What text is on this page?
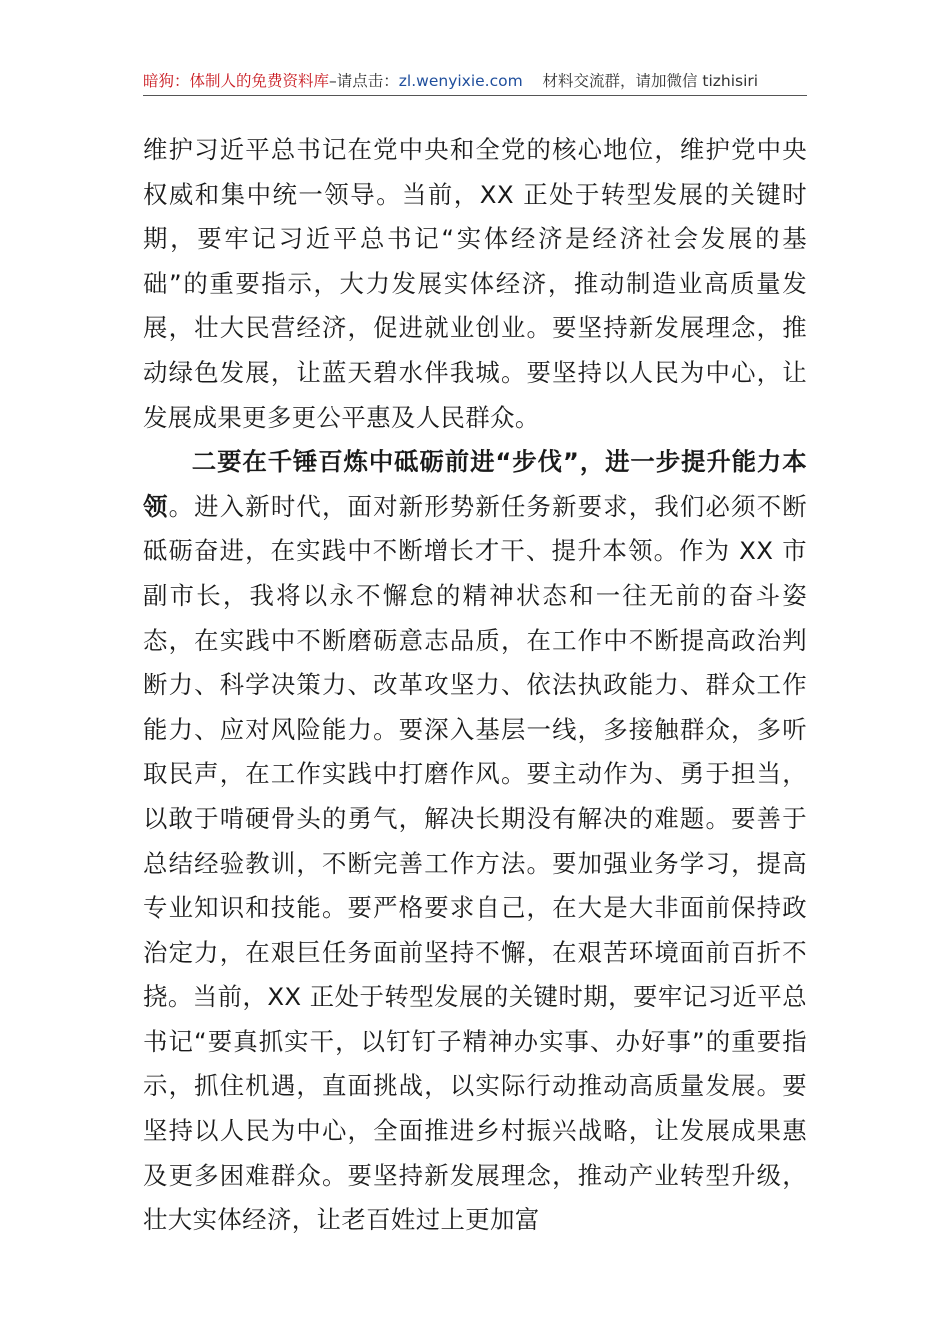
暗狗：体制人的免费资料库–请点击：zl.wenyixie.com 材料交流群，请加微信 tizhisiri

维护习近平总书记在党中央和全党的核心地位，维护党中央权威和集中统一领导。当前，XX 正处于转型发展的关键时期，要牢记习近平总书记“实体经济是经济社会发展的基础”的重要指示，大力发展实体经济，推动制造业高质量发展，壮大民营经济，促进就业创业。要坚持新发展理念，推动绿色发展，让蓝天碧水伴我城。要坚持以人民为中心，让发展成果更多更公平惠及人民群众。

二要在千锤百炼中砥砺前进“步伐”，进一步提升能力本领。进入新时代，面对新形势新任务新要求，我们必须不断砥砺奋进，在实践中不断增长才干、提升本领。作为 XX 市副市长，我将以永不懈怠的精神状态和一往无前的奋斗姿态，在实践中不断磨砺意志品质，在工作中不断提高政治判断力、科学决策力、改革攻坚力、依法执政能力、群众工作能力、应对风险能力。要深入基层一线，多接触群众，多听取民声，在工作实践中打磨作风。要主动作为、勇于担当，以敢于啃硬骨头的勇气，解决长期没有解决的难题。要善于总结经验教训，不断完善工作方法。要加强业务学习，提高专业知识和技能。要严格要求自己，在大是大非面前保持政治定力，在艰巨任务面前坚持不懈，在艰苦环境面前百折不挠。当前，XX 正处于转型发展的关键时期，要牢记习近平总书记“要真抓实干，以钉钉子精神办实事、办好事”的重要指示，抓住机遇，直面挑战，以实际行动推动高质量发展。要坚持以人民为中心，全面推进乡村振兴战略，让发展成果惠及更多困难群众。要坚持新发展理念，推动产业转型升级，壮大实体经济，让老百姓过上更加富
